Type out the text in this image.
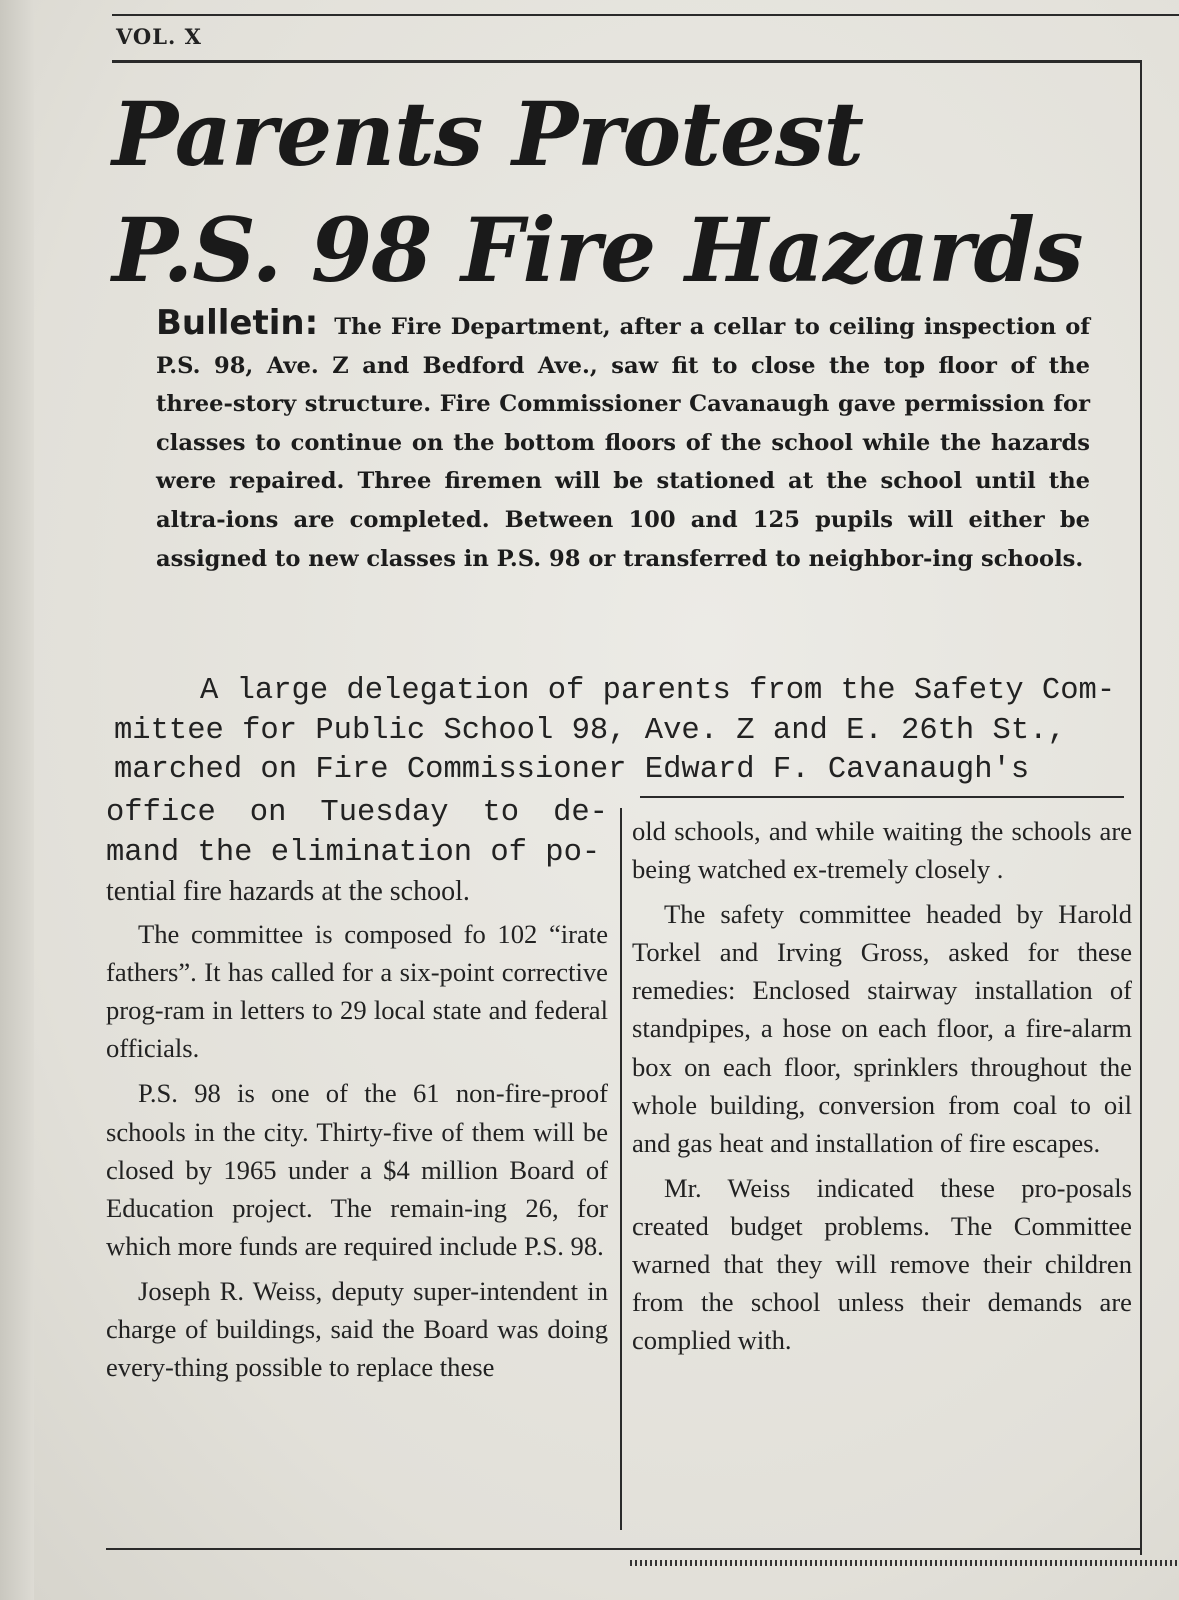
VOL. X
Parents Protest
P.S. 98 Fire Hazards
Bulletin: The Fire Department, after a cellar to ceiling inspection of P.S. 98, Ave. Z and Bedford Ave., saw fit to close the top floor of the three-story structure. Fire Commissioner Cavanaugh gave permission for classes to continue on the bottom floors of the school while the hazards were repaired. Three firemen will be stationed at the school until the altra-ions are completed. Between 100 and 125 pupils will either be assigned to new classes in P.S. 98 or transferred to neighbor-ing schools.
A large delegation of parents from the Safety Com-
mittee for Public School 98, Ave. Z and E. 26th St.,
marched on Fire Commissioner Edward F. Cavanaugh's
office on Tuesday to de-
mand the elimination of po-

tential fire hazards at the school.

The committee is composed fo 102 “irate fathers”. It has called for a six-point corrective prog-ram in letters to 29 local state and federal officials.

P.S. 98 is one of the 61 non-fire-proof schools in the city. Thirty-five of them will be closed by 1965 under a $4 million Board of Education project. The remain-ing 26, for which more funds are required include P.S. 98.

Joseph R. Weiss, deputy super-intendent in charge of buildings, said the Board was doing every-thing possible to replace these

old schools, and while waiting the schools are being watched ex-tremely closely .

The safety committee headed by Harold Torkel and Irving Gross, asked for these remedies: Enclosed stairway installation of standpipes, a hose on each floor, a fire-alarm box on each floor, sprinklers throughout the whole building, conversion from coal to oil and gas heat and installation of fire escapes.

Mr. Weiss indicated these pro-posals created budget problems. The Committee warned that they will remove their children from the school unless their demands are complied with.
